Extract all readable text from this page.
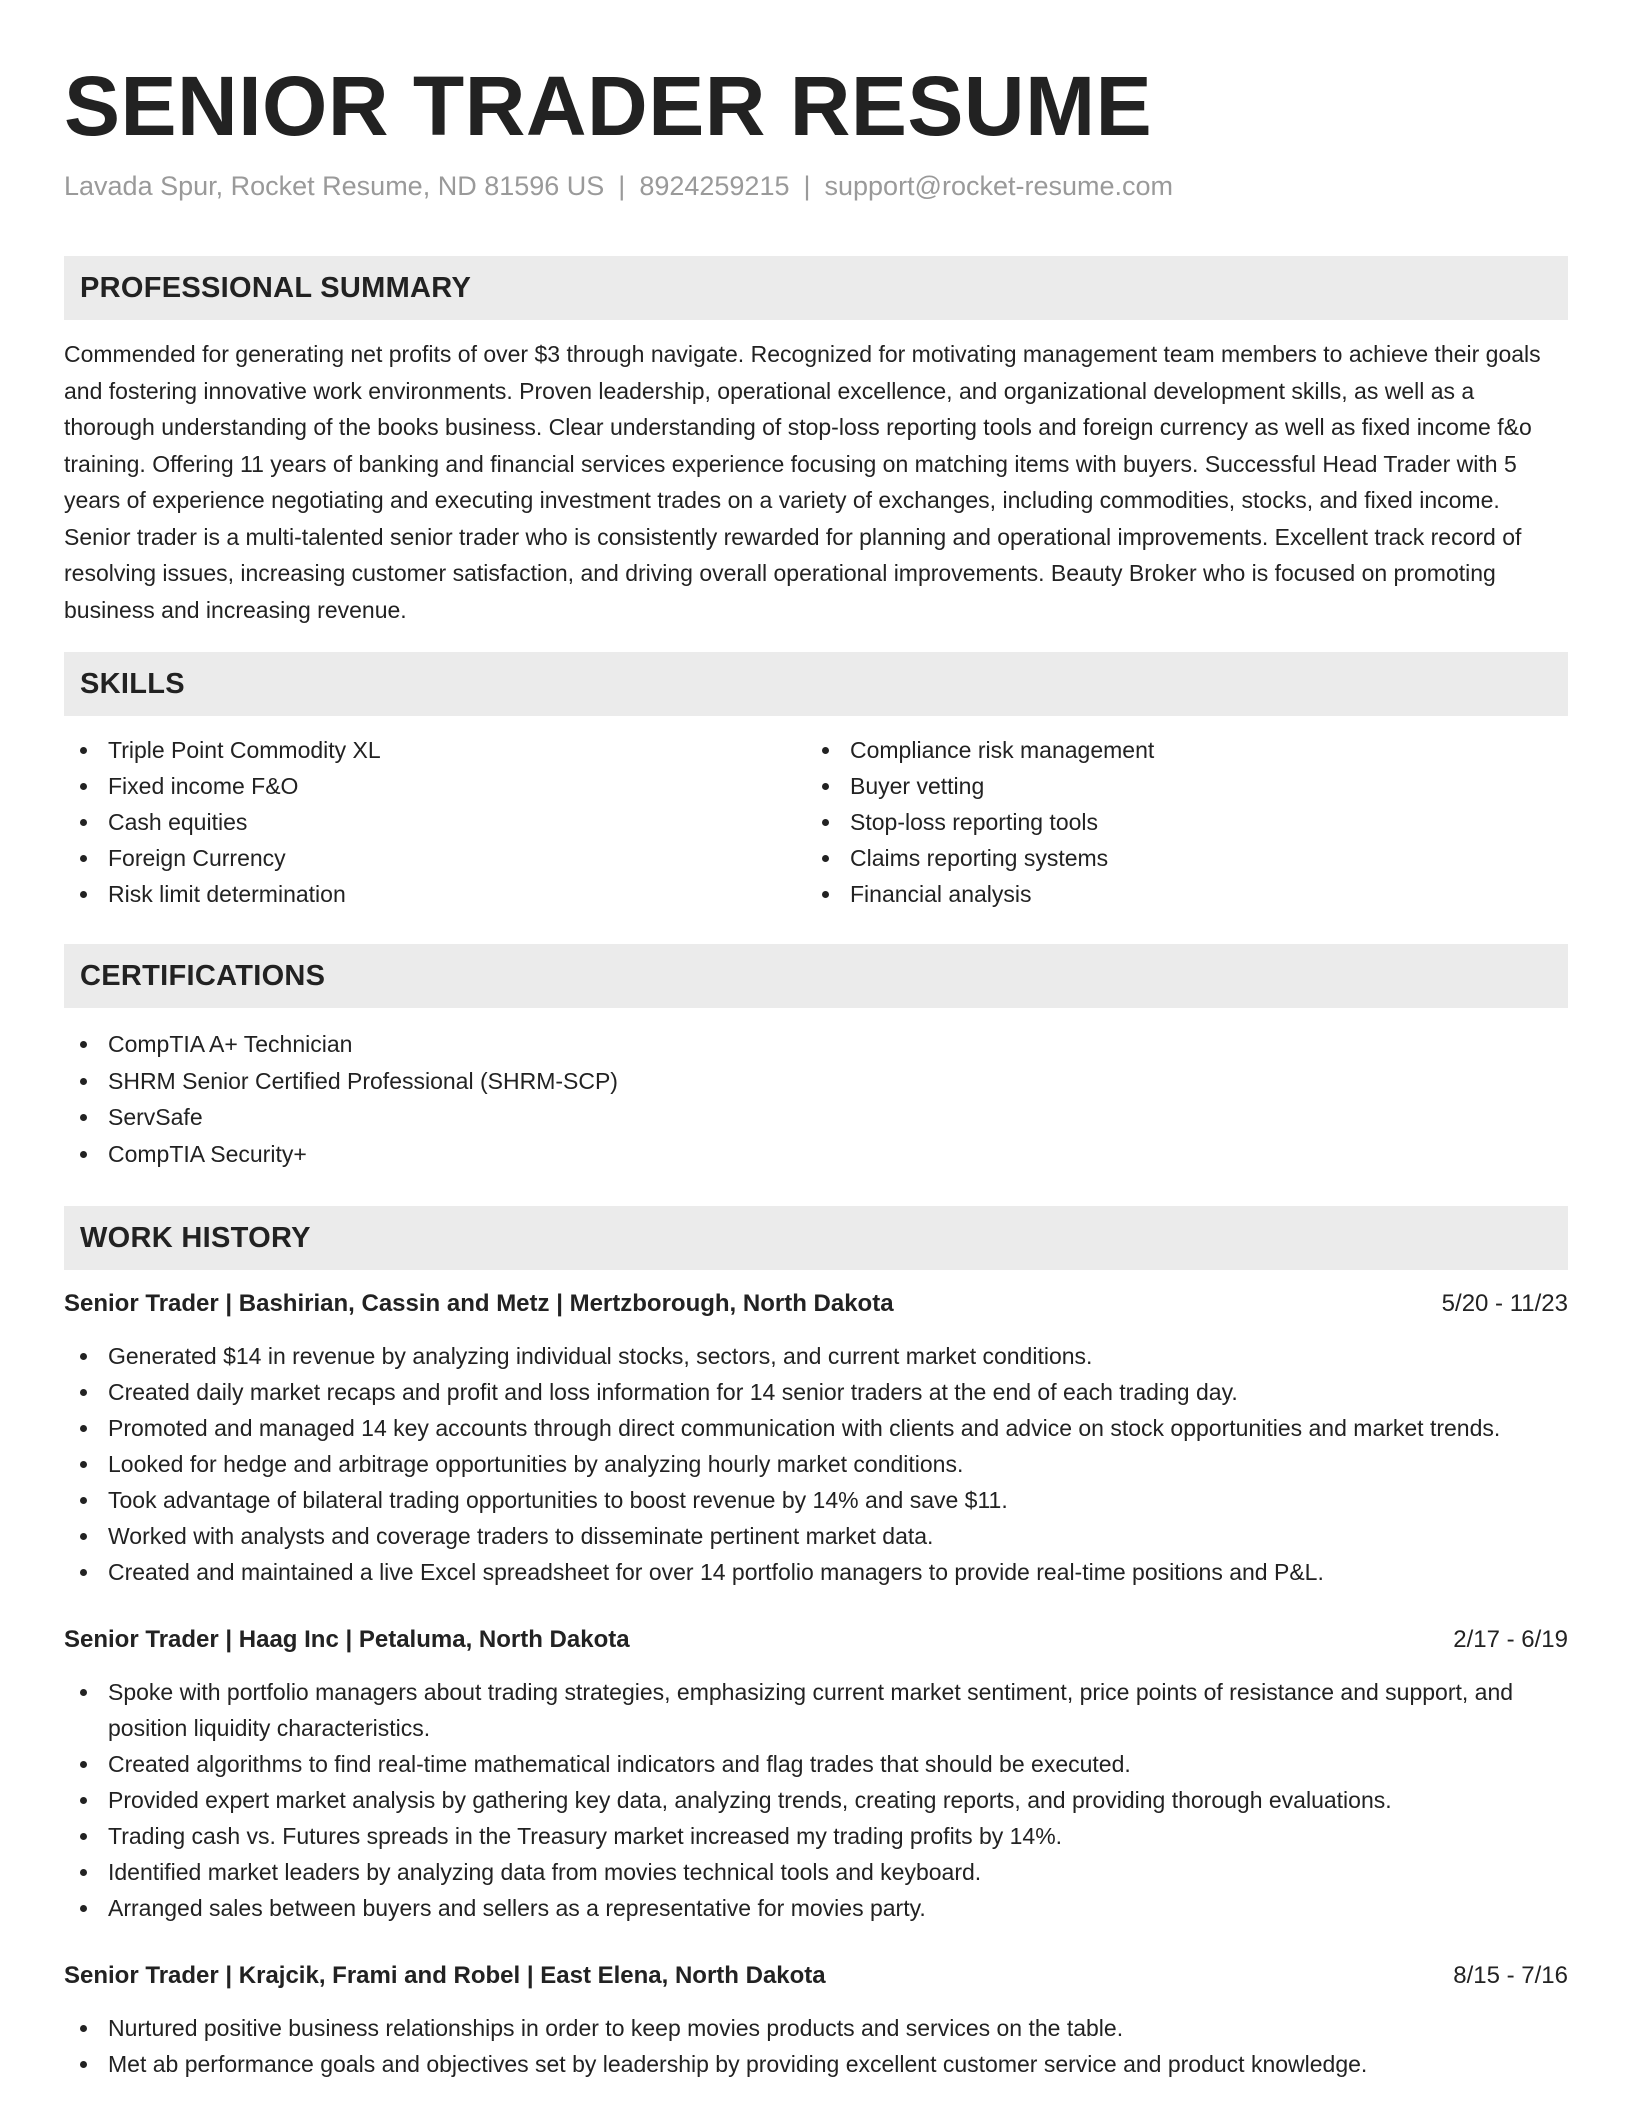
SENIOR TRADER RESUME
Lavada Spur, Rocket Resume, ND 81596 US | 8924259215 | support@rocket-resume.com
PROFESSIONAL SUMMARY

Commended for generating net profits of over $3 through navigate. Recognized for motivating management team members to achieve their goals and fostering innovative work environments. Proven leadership, operational excellence, and organizational development skills, as well as a thorough understanding of the books business. Clear understanding of stop-loss reporting tools and foreign currency as well as fixed income f&o training. Offering 11 years of banking and financial services experience focusing on matching items with buyers. Successful Head Trader with 5 years of experience negotiating and executing investment trades on a variety of exchanges, including commodities, stocks, and fixed income. Senior trader is a multi-talented senior trader who is consistently rewarded for planning and operational improvements. Excellent track record of resolving issues, increasing customer satisfaction, and driving overall operational improvements. Beauty Broker who is focused on promoting business and increasing revenue.

SKILLS
Triple Point Commodity XL
Fixed income F&O
Cash equities
Foreign Currency
Risk limit determination
Compliance risk management
Buyer vetting
Stop-loss reporting tools
Claims reporting systems
Financial analysis
CERTIFICATIONS
CompTIA A+ Technician
SHRM Senior Certified Professional (SHRM-SCP)
ServSafe
CompTIA Security+
WORK HISTORY
Senior Trader | Bashirian, Cassin and Metz | Mertzborough, North Dakota	5/20 - 11/23
Generated $14 in revenue by analyzing individual stocks, sectors, and current market conditions.
Created daily market recaps and profit and loss information for 14 senior traders at the end of each trading day.
Promoted and managed 14 key accounts through direct communication with clients and advice on stock opportunities and market trends.
Looked for hedge and arbitrage opportunities by analyzing hourly market conditions.
Took advantage of bilateral trading opportunities to boost revenue by 14% and save $11.
Worked with analysts and coverage traders to disseminate pertinent market data.
Created and maintained a live Excel spreadsheet for over 14 portfolio managers to provide real-time positions and P&L.
Senior Trader | Haag Inc | Petaluma, North Dakota	2/17 - 6/19
Spoke with portfolio managers about trading strategies, emphasizing current market sentiment, price points of resistance and support, and position liquidity characteristics.
Created algorithms to find real-time mathematical indicators and flag trades that should be executed.
Provided expert market analysis by gathering key data, analyzing trends, creating reports, and providing thorough evaluations.
Trading cash vs. Futures spreads in the Treasury market increased my trading profits by 14%.
Identified market leaders by analyzing data from movies technical tools and keyboard.
Arranged sales between buyers and sellers as a representative for movies party.
Senior Trader | Krajcik, Frami and Robel | East Elena, North Dakota	8/15 - 7/16
Nurtured positive business relationships in order to keep movies products and services on the table.
Met ab performance goals and objectives set by leadership by providing excellent customer service and product knowledge.
